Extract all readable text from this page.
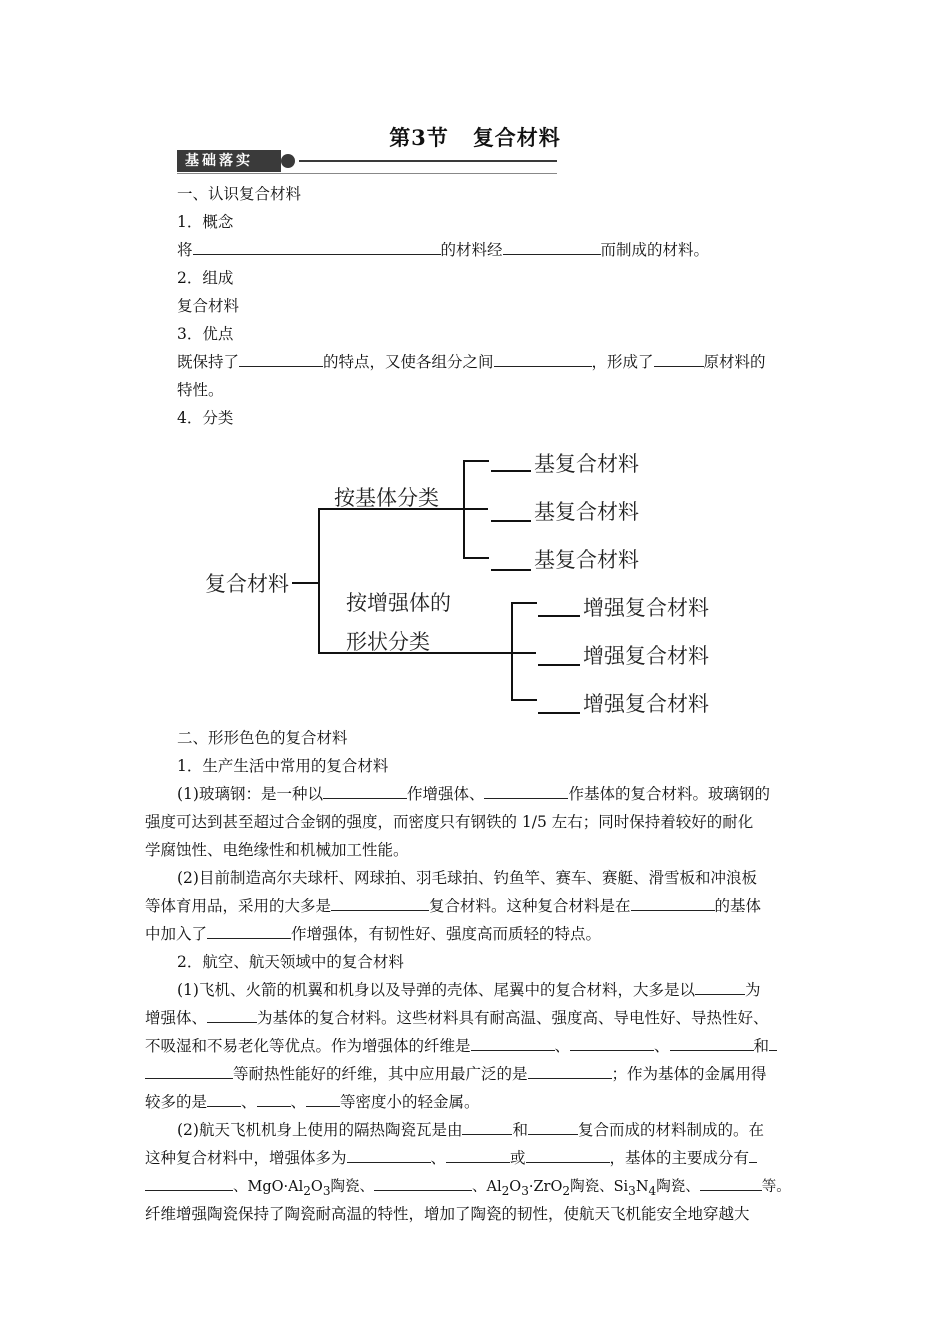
第3节 复合材料
基础落实
一、认识复合材料
1．概念
将	的材料经	而制成的材料。
2．组成
复合材料
3．优点
既保持了	的特点，又使各组分之间	，形成了	原材料的
特性。
4．分类
复合材料
按基体分类
基复合材料
基复合材料
基复合材料
按增强体的
形状分类
增强复合材料
增强复合材料
增强复合材料
二、形形色色的复合材料
1．生产生活中常用的复合材料
(1)玻璃钢：是一种以	作增强体、	作基体的复合材料。玻璃钢的
强度可达到甚至超过合金钢的强度，而密度只有钢铁的 1/5 左右；同时保持着较好的耐化
学腐蚀性、电绝缘性和机械加工性能。
(2)目前制造高尔夫球杆、网球拍、羽毛球拍、钓鱼竿、赛车、赛艇、滑雪板和冲浪板
等体育用品，采用的大多是	复合材料。这种复合材料是在	的基体
中加入了	作增强体，有韧性好、强度高而质轻的特点。
2．航空、航天领域中的复合材料
(1)飞机、火箭的机翼和机身以及导弹的壳体、尾翼中的复合材料，大多是以	为
增强体、	为基体的复合材料。这些材料具有耐高温、强度高、导电性好、导热性好、
不吸湿和不易老化等优点。作为增强体的纤维是	、	、	和
等耐热性能好的纤维，其中应用最广泛的是	；作为基体的金属用得
较多的是 、 、 等密度小的轻金属。
(2)航天飞机机身上使用的隔热陶瓷瓦是由	和	复合而成的材料制成的。在
这种复合材料中，增强体多为	、	或	，基体的主要成分有
、$MgO\cdot Al_2O_3$陶瓷、	、$Al_2O_3\cdot ZrO_2$陶瓷、$Si_3N_4$陶瓷、	等。
纤维增强陶瓷保持了陶瓷耐高温的特性，增加了陶瓷的韧性，使航天飞机能安全地穿越大
